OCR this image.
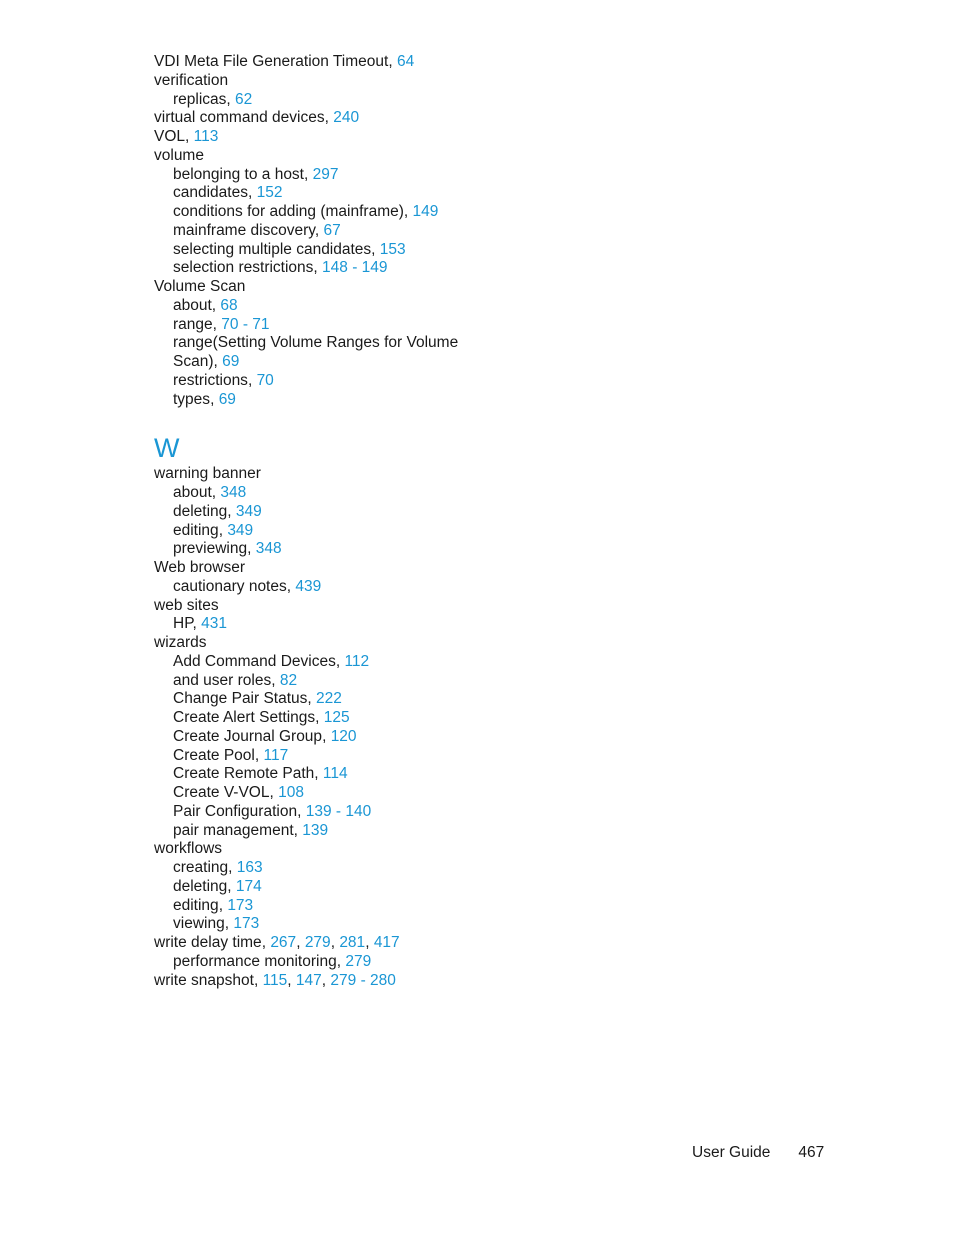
VDI Meta File Generation Timeout, 64
verification
replicas, 62
virtual command devices, 240
VOL, 113
volume
belonging to a host, 297
candidates, 152
conditions for adding (mainframe), 149
mainframe discovery, 67
selecting multiple candidates, 153
selection restrictions, 148 - 149
Volume Scan
about, 68
range, 70 - 71
range(Setting Volume Ranges for Volume
Scan), 69
restrictions, 70
types, 69
W
warning banner
about, 348
deleting, 349
editing, 349
previewing, 348
Web browser
cautionary notes, 439
web sites
HP, 431
wizards
Add Command Devices, 112
and user roles, 82
Change Pair Status, 222
Create Alert Settings, 125
Create Journal Group, 120
Create Pool, 117
Create Remote Path, 114
Create V-VOL, 108
Pair Configuration, 139 - 140
pair management, 139
workflows
creating, 163
deleting, 174
editing, 173
viewing, 173
write delay time, 267, 279, 281, 417
performance monitoring, 279
write snapshot, 115, 147, 279 - 280
User Guide 467
